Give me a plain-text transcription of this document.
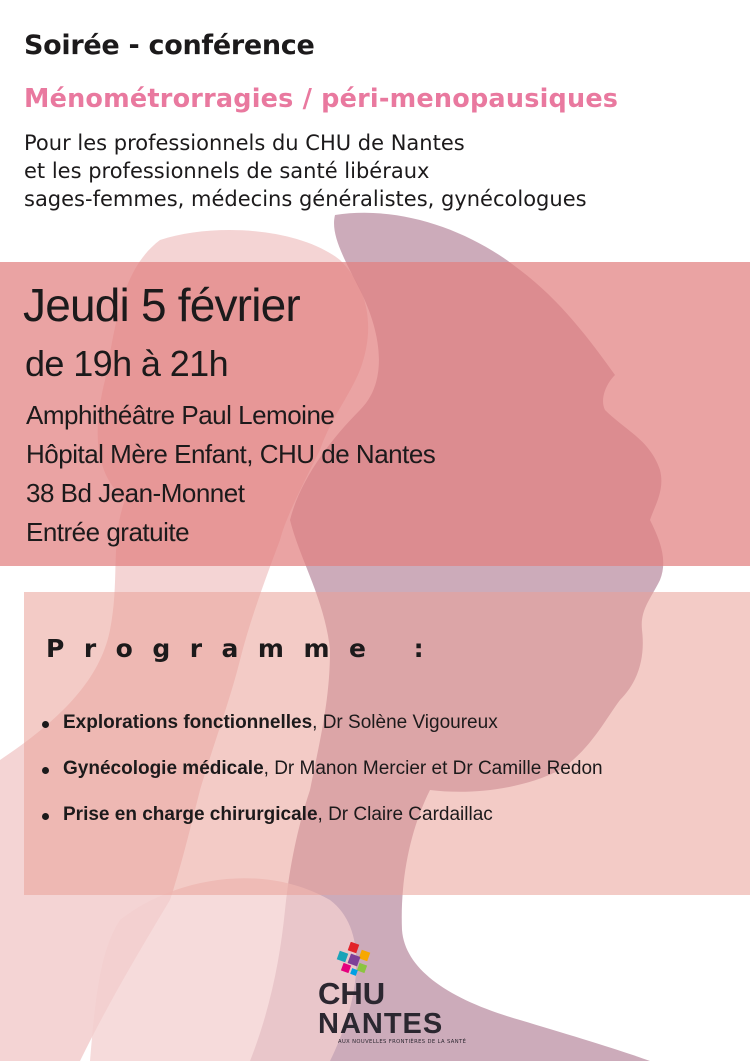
Soirée - conférence
Ménométrorragies / péri-menopausiques
Pour les professionnels du CHU de Nantes
et les professionnels de santé libéraux
sages-femmes, médecins généralistes, gynécologues
Jeudi 5 février
de 19h à 21h
Amphithéâtre Paul Lemoine
Hôpital Mère Enfant, CHU de Nantes
38 Bd Jean-Monnet
Entrée gratuite
Programme :
Explorations fonctionnelles , Dr Solène Vigoureux
Gynécologie médicale , Dr Manon Mercier et Dr Camille Redon
Prise en charge chirurgicale , Dr Claire Cardaillac
CHU
NANTES
AUX NOUVELLES FRONTIÈRES DE LA SANTÉ
